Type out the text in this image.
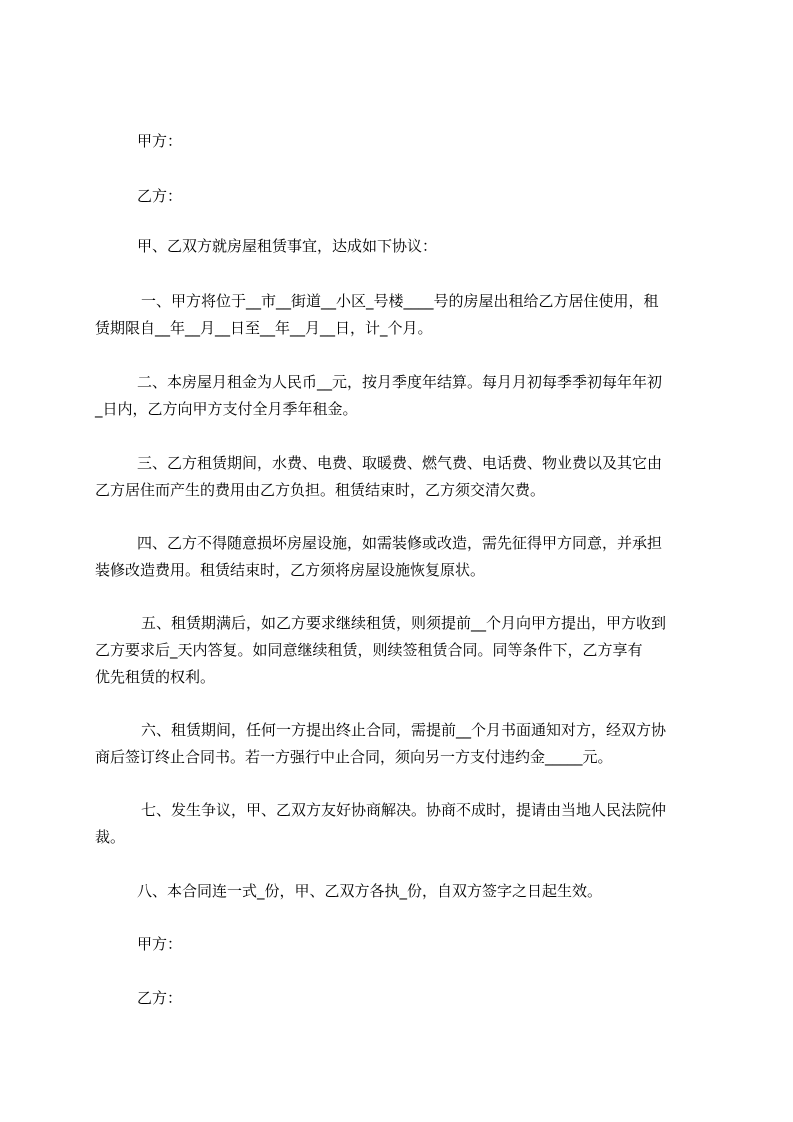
甲方：
乙方：
甲、乙双方就房屋租赁事宜，达成如下协议：
一、甲方将位于__市__街道__小区_号楼____号的房屋出租给乙方居住使用，租
赁期限自__年__月__日至__年__月__日，计_个月。
二、本房屋月租金为人民币__元，按月季度年结算。每月月初每季季初每年年初
_日内，乙方向甲方支付全月季年租金。
三、乙方租赁期间，水费、电费、取暖费、燃气费、电话费、物业费以及其它由
乙方居住而产生的费用由乙方负担。租赁结束时，乙方须交清欠费。
四、乙方不得随意损坏房屋设施，如需装修或改造，需先征得甲方同意，并承担
装修改造费用。租赁结束时，乙方须将房屋设施恢复原状。
五、租赁期满后，如乙方要求继续租赁，则须提前__个月向甲方提出，甲方收到
乙方要求后_天内答复。如同意继续租赁，则续签租赁合同。同等条件下，乙方享有
优先租赁的权利。
六、租赁期间，任何一方提出终止合同，需提前__个月书面通知对方，经双方协
商后签订终止合同书。若一方强行中止合同，须向另一方支付违约金_____元。
七、发生争议，甲、乙双方友好协商解决。协商不成时，提请由当地人民法院仲
裁。
八、本合同连一式_份，甲、乙双方各执_份，自双方签字之日起生效。
甲方：
乙方：
